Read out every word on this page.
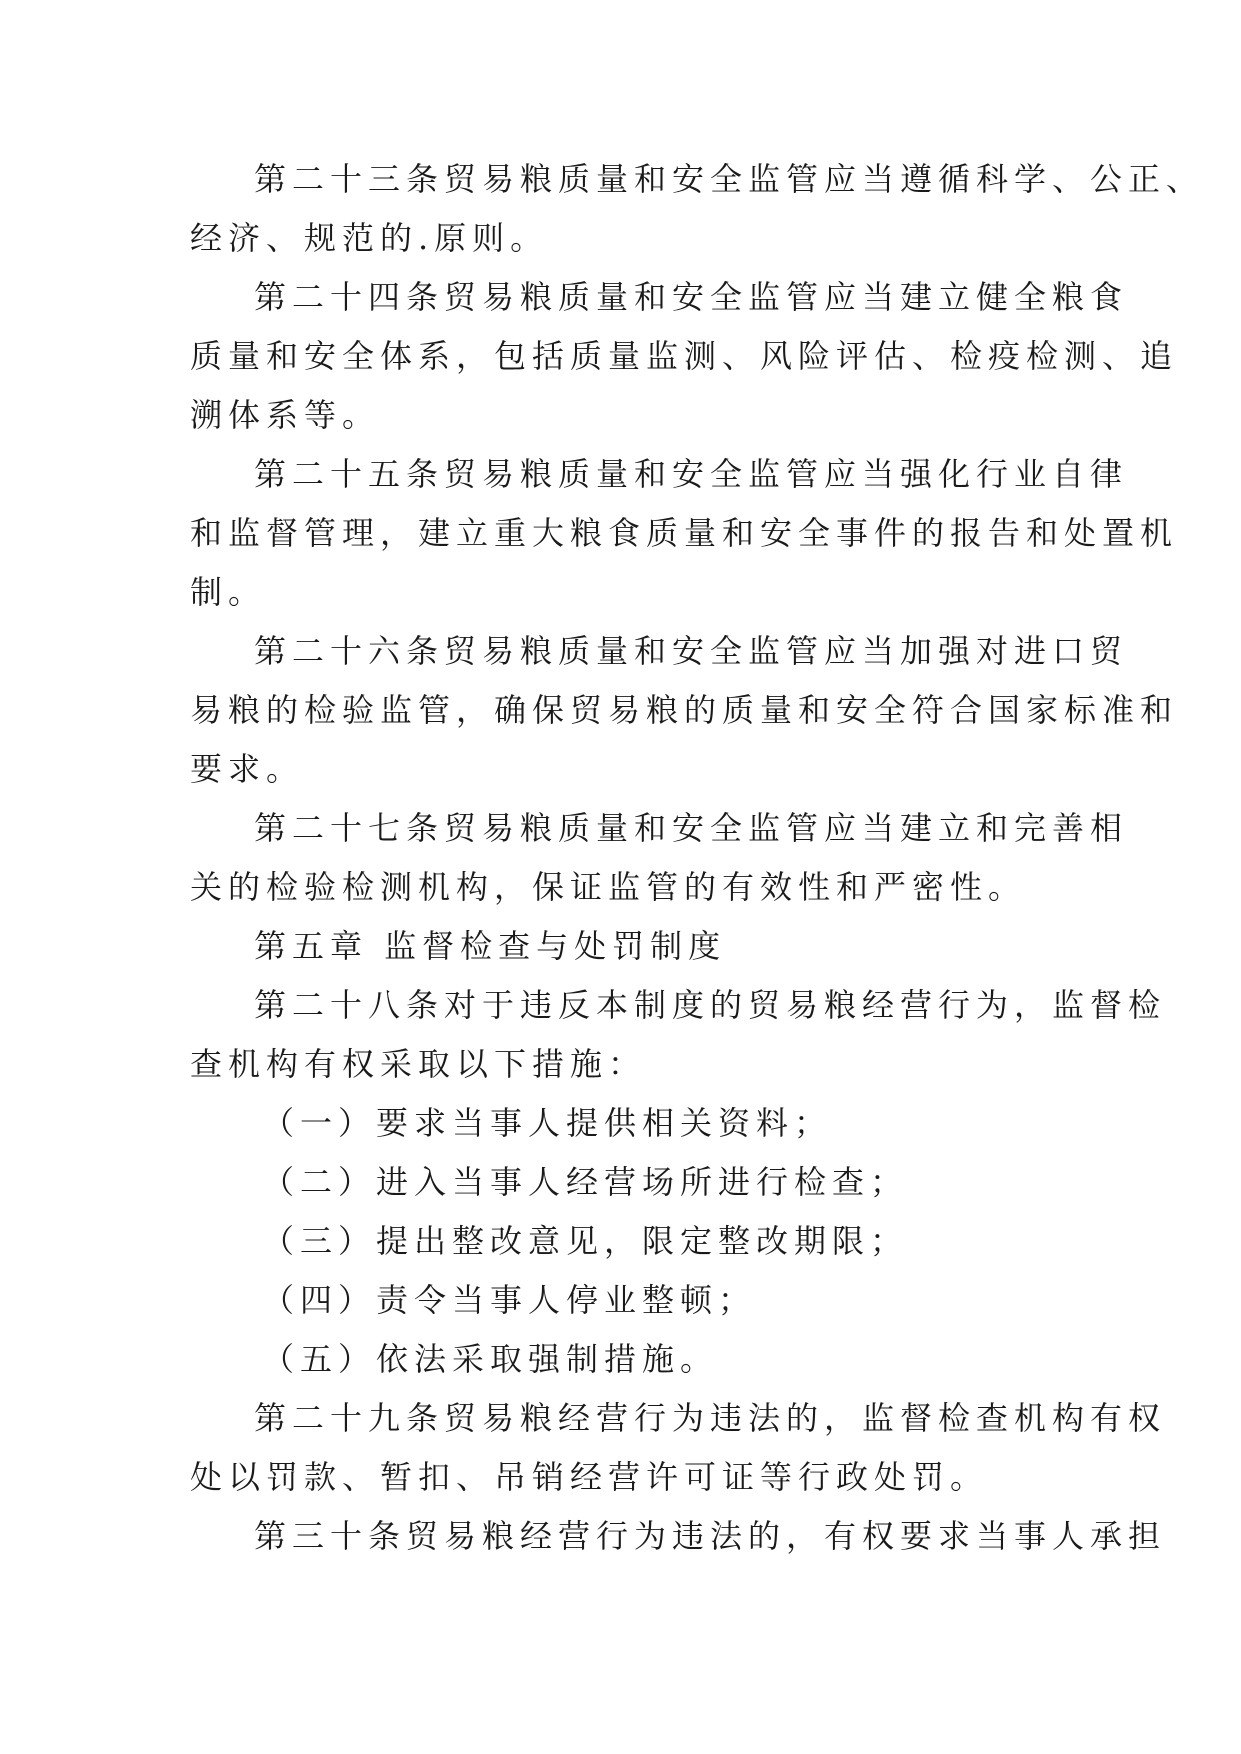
第二十三条贸易粮质量和安全监管应当遵循科学、公正、
经济、规范的.原则。
第二十四条贸易粮质量和安全监管应当建立健全粮食
质量和安全体系，包括质量监测、风险评估、检疫检测、追
溯体系等。
第二十五条贸易粮质量和安全监管应当强化行业自律
和监督管理，建立重大粮食质量和安全事件的报告和处置机
制。
第二十六条贸易粮质量和安全监管应当加强对进口贸
易粮的检验监管，确保贸易粮的质量和安全符合国家标准和
要求。
第二十七条贸易粮质量和安全监管应当建立和完善相
关的检验检测机构，保证监管的有效性和严密性。
第五章 监督检查与处罚制度
第二十八条对于违反本制度的贸易粮经营行为，监督检
查机构有权采取以下措施：
（一）要求当事人提供相关资料；
（二）进入当事人经营场所进行检查；
（三）提出整改意见，限定整改期限；
（四）责令当事人停业整顿；
（五）依法采取强制措施。
第二十九条贸易粮经营行为违法的，监督检查机构有权
处以罚款、暂扣、吊销经营许可证等行政处罚。
第三十条贸易粮经营行为违法的，有权要求当事人承担
